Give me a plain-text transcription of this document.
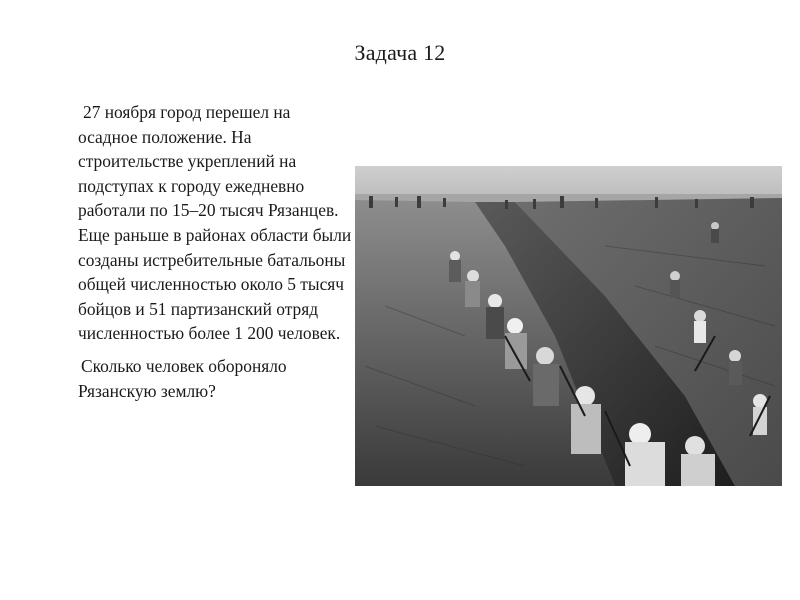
Задача 12

27 ноября город перешел на осадное положение. На строительстве укреплений на подступах к городу ежедневно работали по 15–20 тысяч Рязанцев. Еще раньше в районах области были созданы истребительные батальоны общей численностью около 5 тысяч бойцов и 51 партизанский отряд численностью более 1 200 человек.

Сколько человек обороняло Рязанскую землю?
